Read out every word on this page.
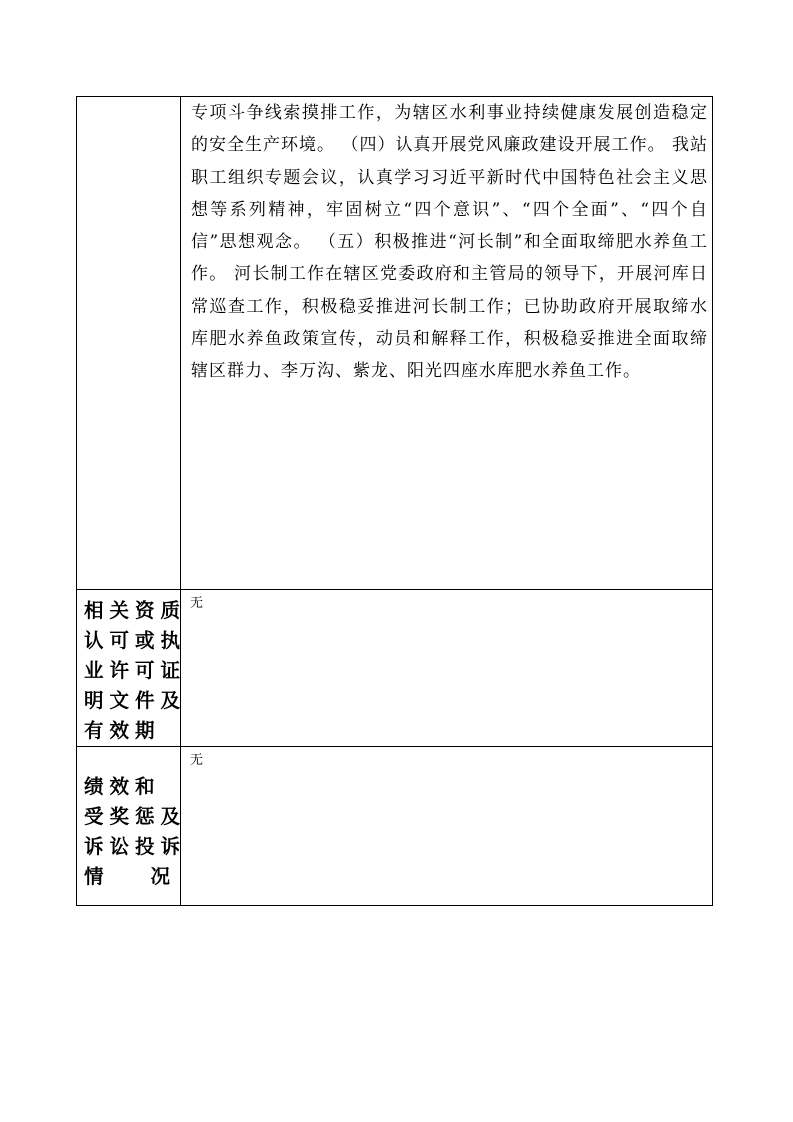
	专项斗争线索摸排工作，为辖区水利事业持续健康发展创造稳定的安全生产环境。 （四）认真开展党风廉政建设开展工作。 我站职工组织专题会议，认真学习习近平新时代中国特色社会主义思想等系列精神，牢固树立“四个意识”、“四个全面”、“四个自信”思想观念。 （五）积极推进“河长制”和全面取缔肥水养鱼工作。 河长制工作在辖区党委政府和主管局的领导下，开展河库日常巡查工作，积极稳妥推进河长制工作；已协助政府开展取缔水库肥水养鱼政策宣传，动员和解释工作，积极稳妥推进全面取缔辖区群力、李万沟、紫龙、阳光四座水库肥水养鱼工作。

相关资质
认可或执
业许可证
明文件及
有效期	无

绩效和
受奖惩及
诉讼投诉
情 况	无
